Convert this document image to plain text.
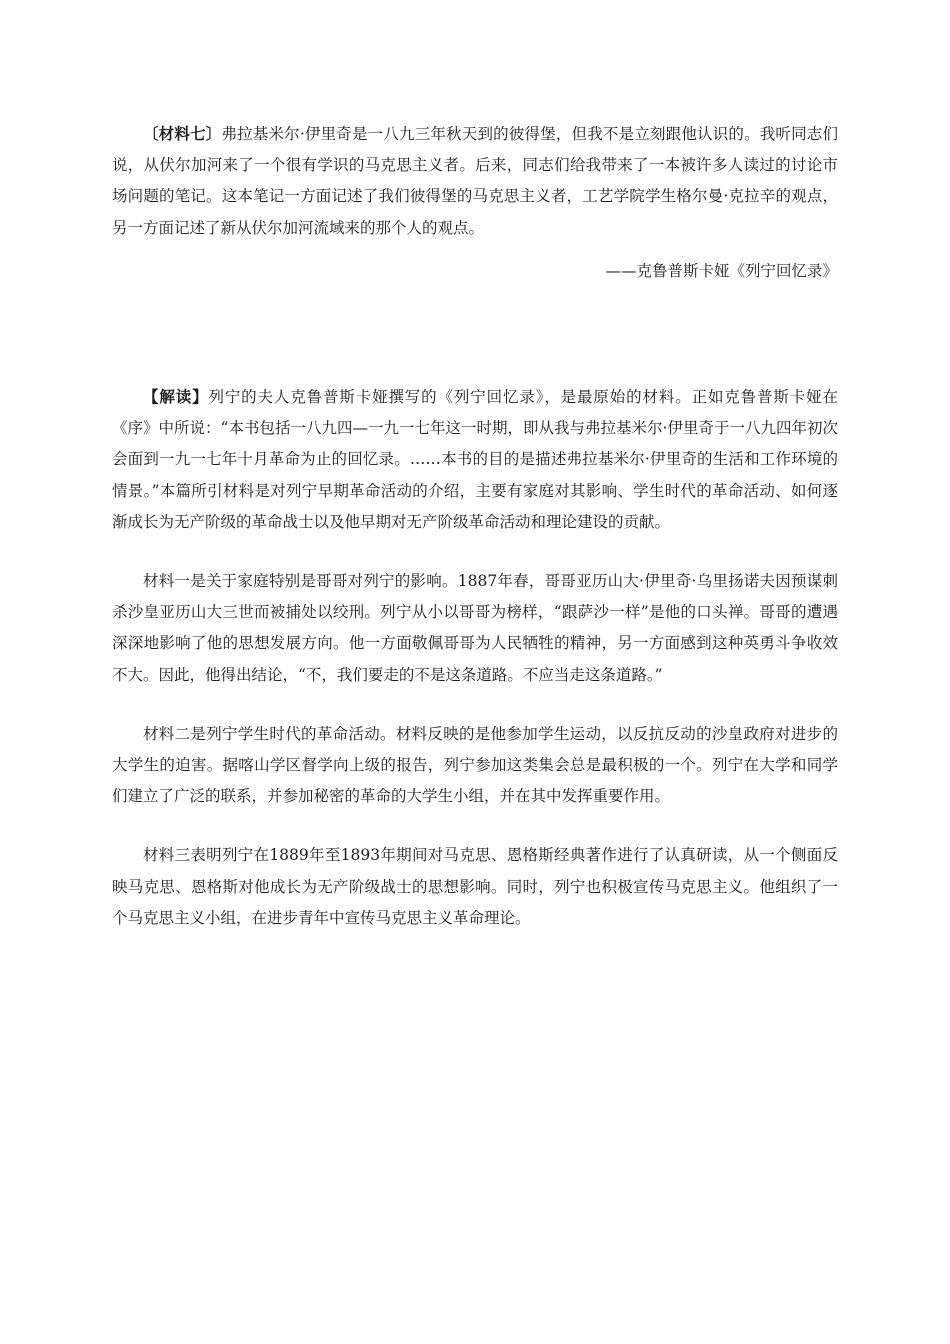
〔材料七〕弗拉基米尔·伊里奇是一八九三年秋天到的彼得堡，但我不是立刻跟他认识的。我听同志们说，从伏尔加河来了一个很有学识的马克思主义者。后来，同志们给我带来了一本被许多人读过的讨论市场问题的笔记。这本笔记一方面记述了我们彼得堡的马克思主义者，工艺学院学生格尔曼·克拉辛的观点，另一方面记述了新从伏尔加河流域来的那个人的观点。

——克鲁普斯卡娅《列宁回忆录》

【解读】列宁的夫人克鲁普斯卡娅撰写的《列宁回忆录》，是最原始的材料。正如克鲁普斯卡娅在《序》中所说：“本书包括一八九四—一九一七年这一时期，即从我与弗拉基米尔·伊里奇于一八九四年初次会面到一九一七年十月革命为止的回忆录。……本书的目的是描述弗拉基米尔·伊里奇的生活和工作环境的情景。”本篇所引材料是对列宁早期革命活动的介绍，主要有家庭对其影响、学生时代的革命活动、如何逐渐成长为无产阶级的革命战士以及他早期对无产阶级革命活动和理论建设的贡献。

材料一是关于家庭特别是哥哥对列宁的影响。1887年春，哥哥亚历山大·伊里奇·乌里扬诺夫因预谋刺杀沙皇亚历山大三世而被捕处以绞刑。列宁从小以哥哥为榜样，“跟萨沙一样”是他的口头禅。哥哥的遭遇深深地影响了他的思想发展方向。他一方面敬佩哥哥为人民牺牲的精神，另一方面感到这种英勇斗争收效不大。因此，他得出结论，“不，我们要走的不是这条道路。不应当走这条道路。”

材料二是列宁学生时代的革命活动。材料反映的是他参加学生运动，以反抗反动的沙皇政府对进步的大学生的迫害。据喀山学区督学向上级的报告，列宁参加这类集会总是最积极的一个。列宁在大学和同学们建立了广泛的联系，并参加秘密的革命的大学生小组，并在其中发挥重要作用。

材料三表明列宁在1889年至1893年期间对马克思、恩格斯经典著作进行了认真研读，从一个侧面反映马克思、恩格斯对他成长为无产阶级战士的思想影响。同时，列宁也积极宣传马克思主义。他组织了一个马克思主义小组，在进步青年中宣传马克思主义革命理论。
